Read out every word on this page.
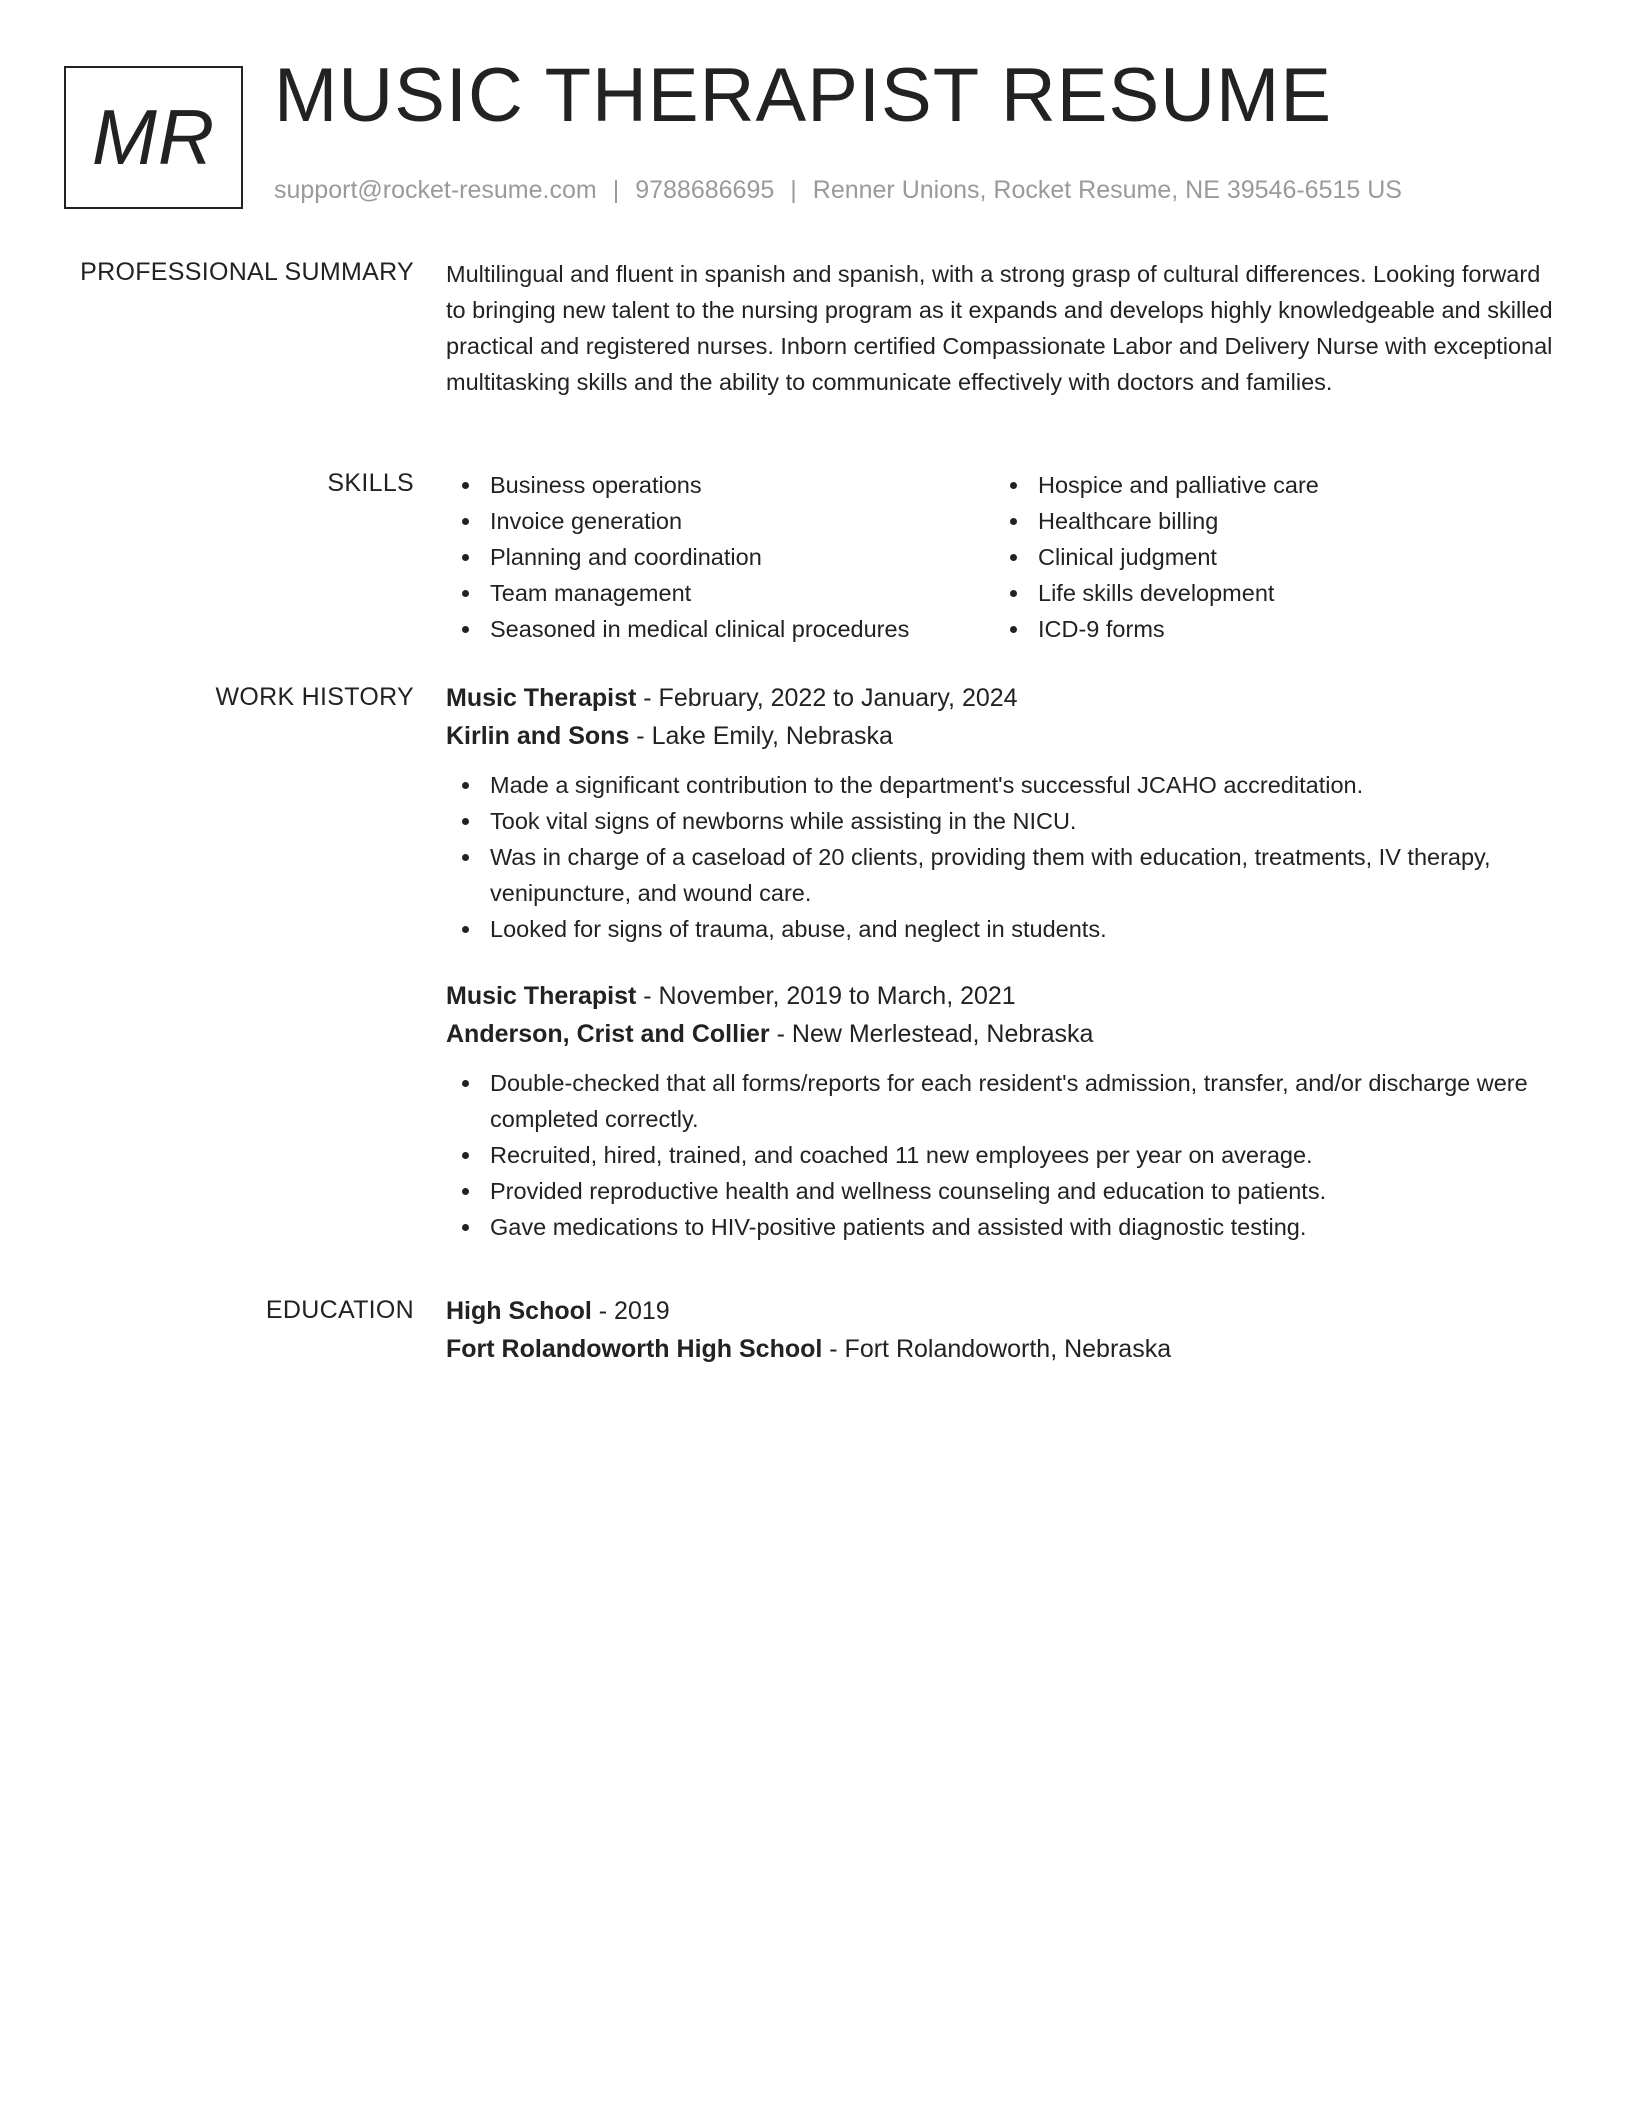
MR MUSIC THERAPIST RESUME
support@rocket-resume.com | 9788686695 | Renner Unions, Rocket Resume, NE 39546-6515 US
PROFESSIONAL SUMMARY Multilingual and fluent in spanish and spanish, with a strong grasp of cultural differences. Looking forward to bringing new talent to the nursing program as it expands and develops highly knowledgeable and skilled practical and registered nurses. Inborn certified Compassionate Labor and Delivery Nurse with exceptional multitasking skills and the ability to communicate effectively with doctors and families.
SKILLS	Business operations
Invoice generation
Planning and coordination
Team management
Seasoned in medical clinical procedures
Hospice and palliative care
Healthcare billing
Clinical judgment
Life skills development
ICD-9 forms
WORK HISTORY Music Therapist - February, 2022 to January, 2024
Kirlin and Sons - Lake Emily, Nebraska
Made a significant contribution to the department's successful JCAHO accreditation.
Took vital signs of newborns while assisting in the NICU.
Was in charge of a caseload of 20 clients, providing them with education, treatments, IV therapy, venipuncture, and wound care.
Looked for signs of trauma, abuse, and neglect in students.
Music Therapist - November, 2019 to March, 2021
Anderson, Crist and Collier - New Merlestead, Nebraska
Double-checked that all forms/reports for each resident's admission, transfer, and/or discharge were completed correctly.
Recruited, hired, trained, and coached 11 new employees per year on average.
Provided reproductive health and wellness counseling and education to patients.
Gave medications to HIV-positive patients and assisted with diagnostic testing.
EDUCATION High School - 2019
Fort Rolandoworth High School - Fort Rolandoworth, Nebraska
